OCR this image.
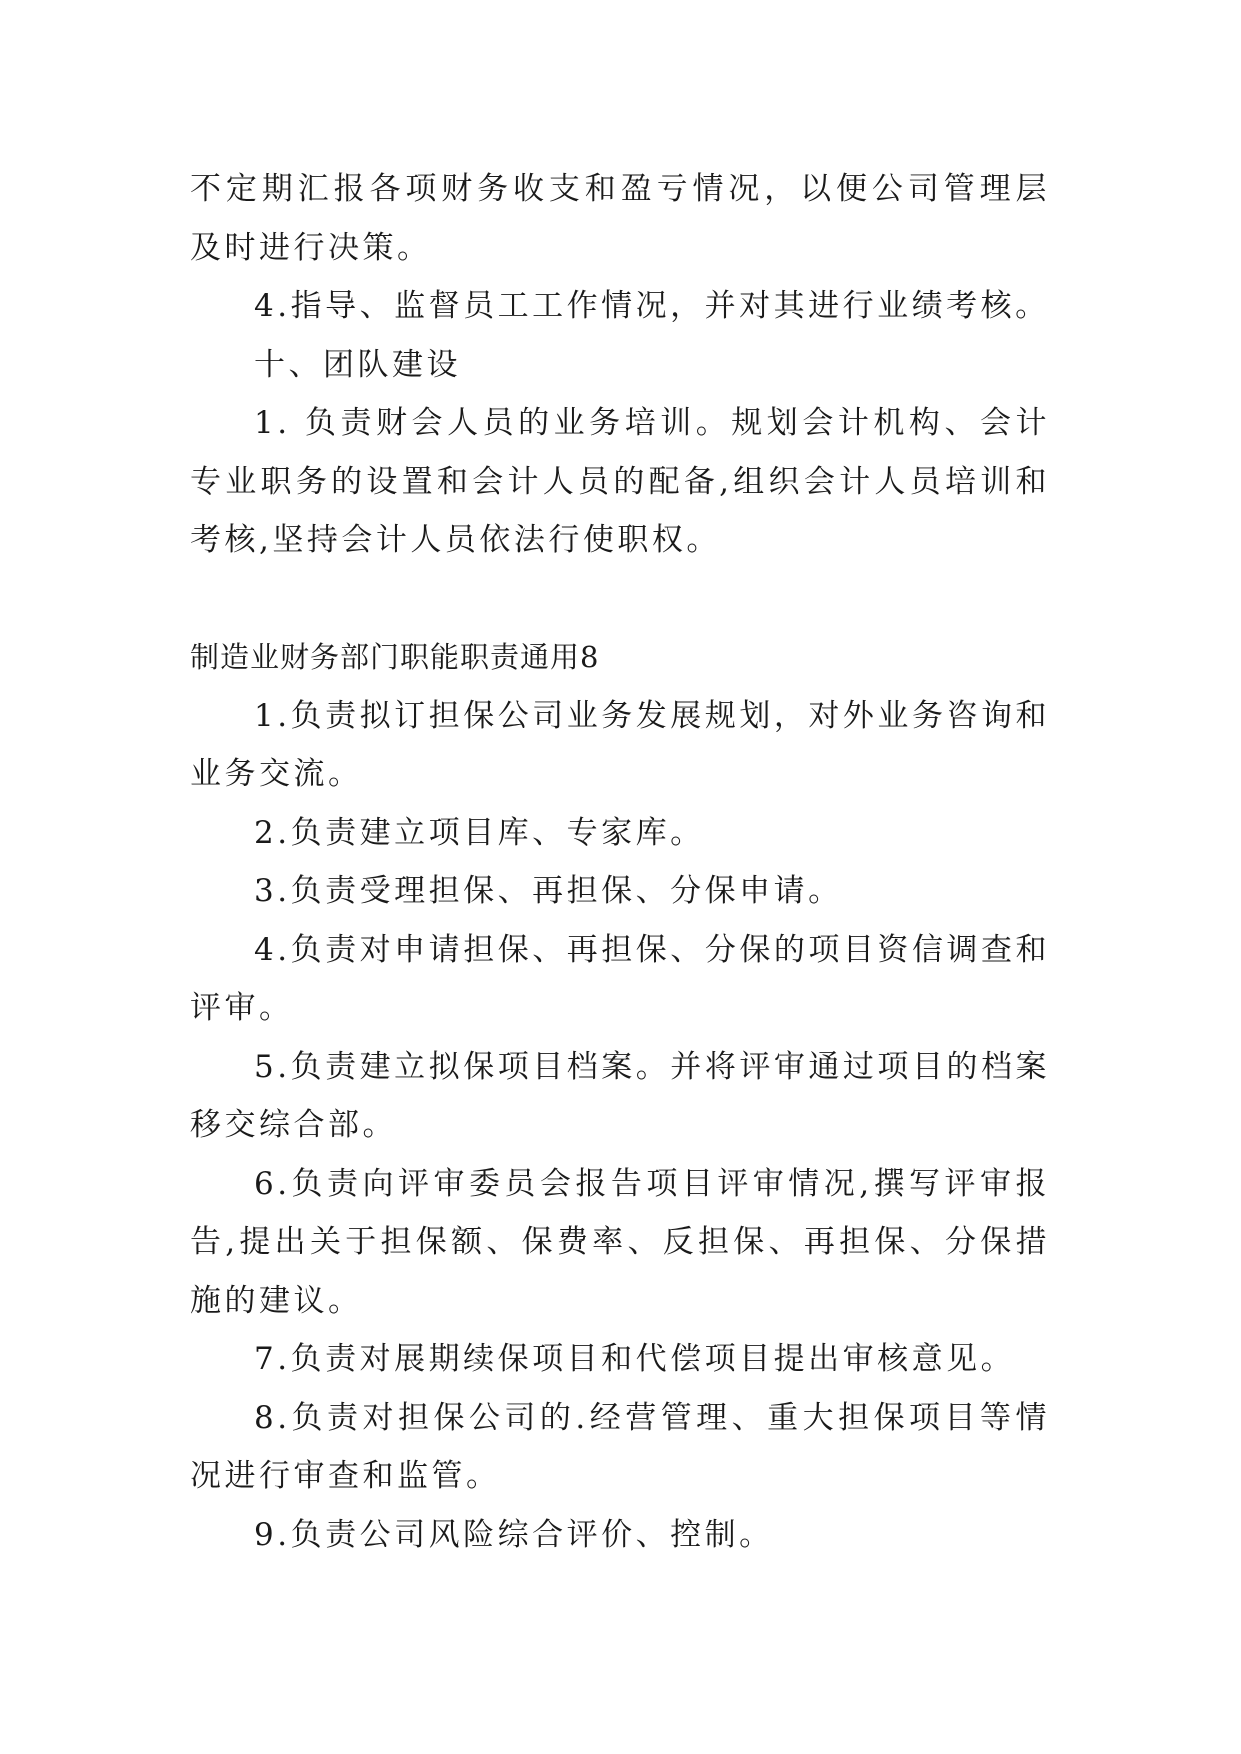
不定期汇报各项财务收支和盈亏情况，以便公司管理层及时进行决策。

4.指导、监督员工工作情况，并对其进行业绩考核。

十、团队建设

1. 负责财会人员的业务培训。规划会计机构、会计专业职务的设置和会计人员的配备,组织会计人员培训和考核,坚持会计人员依法行使职权。

制造业财务部门职能职责通用8

1.负责拟订担保公司业务发展规划，对外业务咨询和业务交流。

2.负责建立项目库、专家库。

3.负责受理担保、再担保、分保申请。

4.负责对申请担保、再担保、分保的项目资信调查和评审。

5.负责建立拟保项目档案。并将评审通过项目的档案移交综合部。

6.负责向评审委员会报告项目评审情况,撰写评审报告,提出关于担保额、保费率、反担保、再担保、分保措施的建议。

7.负责对展期续保项目和代偿项目提出审核意见。

8.负责对担保公司的.经营管理、重大担保项目等情况进行审查和监管。

9.负责公司风险综合评价、控制。
